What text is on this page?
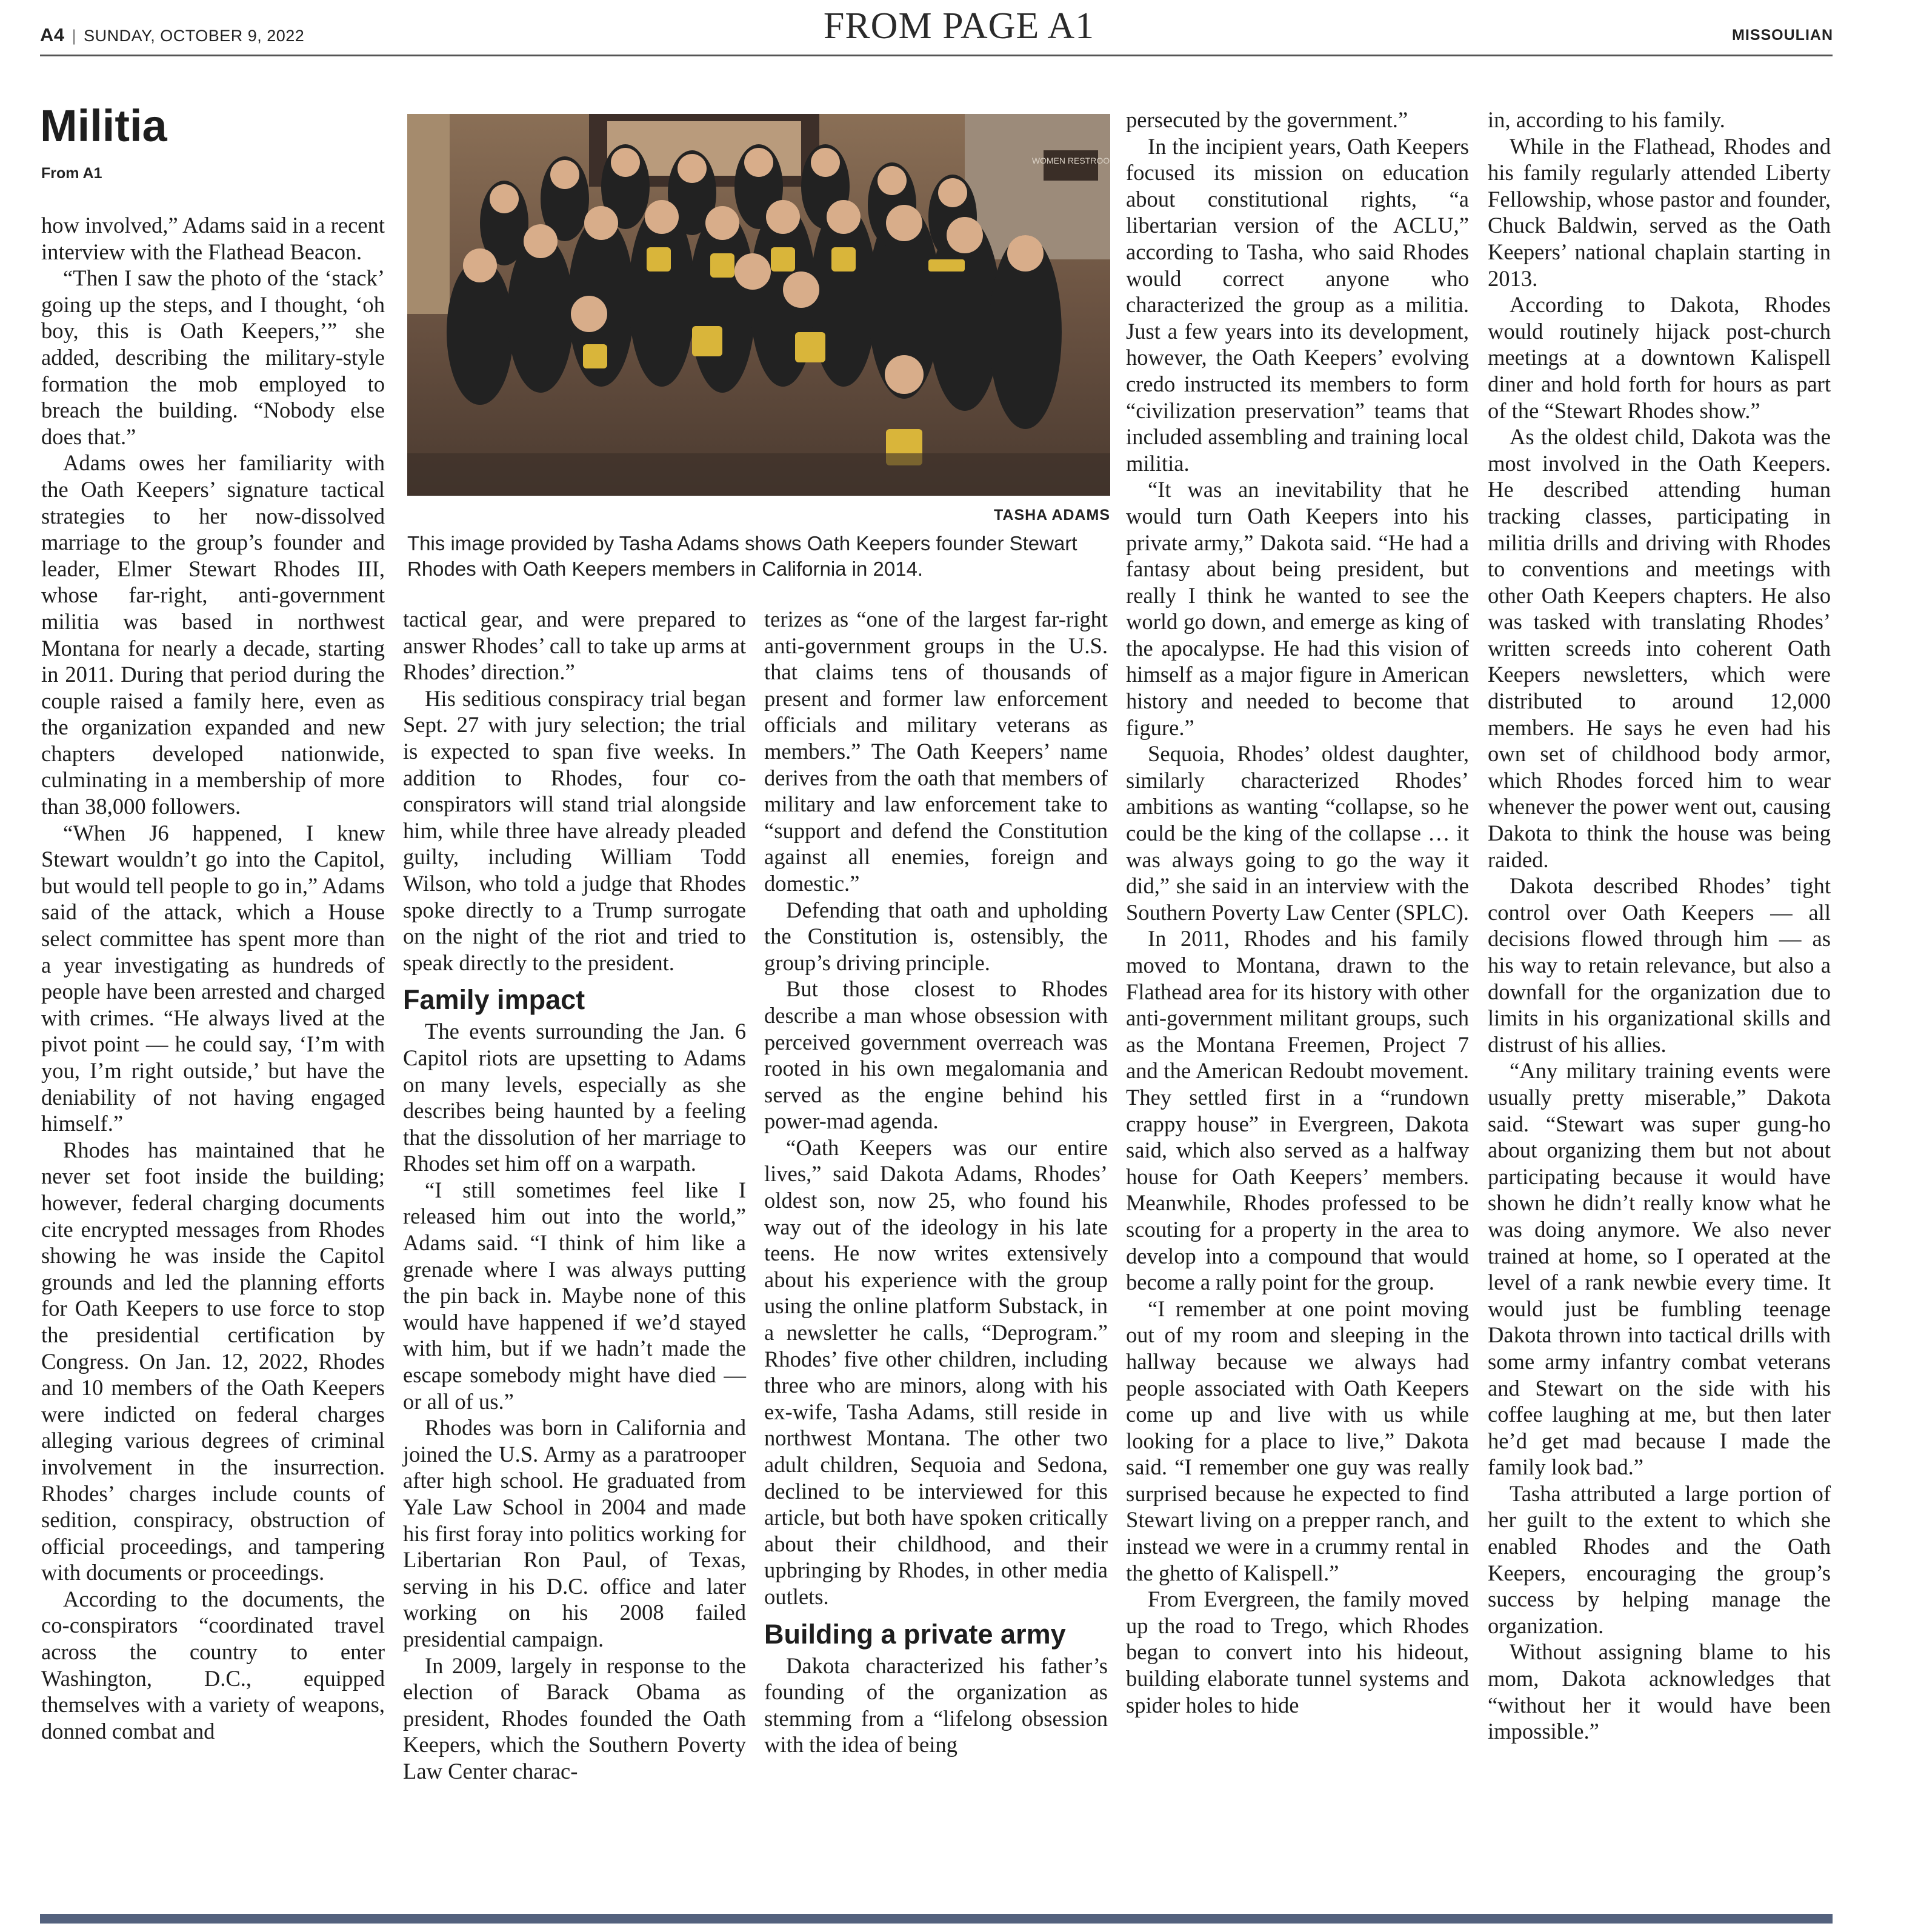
A4 | SUNDAY, OCTOBER 9, 2022	FROM PAGE A1	MISSOULIAN
Militia
From A1

how involved,” Adams said in a recent interview with the Flathead Beacon.

“Then I saw the photo of the ‘stack’ going up the steps, and I thought, ‘oh boy, this is Oath Keepers,’” she added, describing the military-style formation the mob employed to breach the building. “Nobody else does that.”

Adams owes her familiarity with the Oath Keepers’ signature tactical strategies to her now-dissolved marriage to the group’s founder and leader, Elmer Stewart Rhodes III, whose far-right, anti-government militia was based in northwest Montana for nearly a decade, starting in 2011. During that period during the couple raised a family here, even as the organization expanded and new chapters developed nationwide, culminating in a membership of more than 38,000 followers.

“When J6 happened, I knew Stewart wouldn’t go into the Capitol, but would tell people to go in,” Adams said of the attack, which a House select committee has spent more than a year investigating as hundreds of people have been arrested and charged with crimes. “He always lived at the pivot point — he could say, ‘I’m with you, I’m right outside,’ but have the deniability of not having engaged himself.”

Rhodes has maintained that he never set foot inside the building; however, federal charging documents cite encrypted messages from Rhodes showing he was inside the Capitol grounds and led the planning efforts for Oath Keepers to use force to stop the presidential certification by Congress. On Jan. 12, 2022, Rhodes and 10 members of the Oath Keepers were indicted on federal charges alleging various degrees of criminal involvement in the insurrection. Rhodes’ charges include counts of sedition, conspiracy, obstruction of official proceedings, and tampering with documents or proceedings.

According to the documents, the co-conspirators “coordinated travel across the country to enter Washington, D.C., equipped themselves with a variety of weapons, donned combat and

WOMEN RESTROO
TASHA ADAMS
This image provided by Tasha Adams shows Oath Keepers founder Stewart Rhodes with Oath Keepers members in California in 2014.

tactical gear, and were prepared to answer Rhodes’ call to take up arms at Rhodes’ direction.”

His seditious conspiracy trial began Sept. 27 with jury selection; the trial is expected to span five weeks. In addition to Rhodes, four co-conspirators will stand trial alongside him, while three have already pleaded guilty, including William Todd Wilson, who told a judge that Rhodes spoke directly to a Trump surrogate on the night of the riot and tried to speak directly to the president.

Family impact

The events surrounding the Jan. 6 Capitol riots are upsetting to Adams on many levels, especially as she describes being haunted by a feeling that the dissolution of her marriage to Rhodes set him off on a warpath.

“I still sometimes feel like I released him out into the world,” Adams said. “I think of him like a grenade where I was always putting the pin back in. Maybe none of this would have happened if we’d stayed with him, but if we hadn’t made the escape somebody might have died — or all of us.”

Rhodes was born in California and joined the U.S. Army as a paratrooper after high school. He graduated from Yale Law School in 2004 and made his first foray into politics working for Libertarian Ron Paul, of Texas, serving in his D.C. office and later working on his 2008 failed presidential campaign.

In 2009, largely in response to the election of Barack Obama as president, Rhodes founded the Oath Keepers, which the Southern Poverty Law Center charac-

terizes as “one of the largest far-right anti-government groups in the U.S. that claims tens of thousands of present and former law enforcement officials and military veterans as members.” The Oath Keepers’ name derives from the oath that members of military and law enforcement take to “support and defend the Constitution against all enemies, foreign and domestic.”

Defending that oath and upholding the Constitution is, ostensibly, the group’s driving principle.

But those closest to Rhodes describe a man whose obsession with perceived government overreach was rooted in his own megalomania and served as the engine behind his power-mad agenda.

“Oath Keepers was our entire lives,” said Dakota Adams, Rhodes’ oldest son, now 25, who found his way out of the ideology in his late teens. He now writes extensively about his experience with the group using the online platform Substack, in a newsletter he calls, “Deprogram.” Rhodes’ five other children, including three who are minors, along with his ex-wife, Tasha Adams, still reside in northwest Montana. The other two adult children, Sequoia and Sedona, declined to be interviewed for this article, but both have spoken critically about their childhood, and their upbringing by Rhodes, in other media outlets.

Building a private army

Dakota characterized his father’s founding of the organization as stemming from a “lifelong obsession with the idea of being

persecuted by the government.”

In the incipient years, Oath Keepers focused its mission on education about constitutional rights, “a libertarian version of the ACLU,” according to Tasha, who said Rhodes would correct anyone who characterized the group as a militia. Just a few years into its development, however, the Oath Keepers’ evolving credo instructed its members to form “civilization preservation” teams that included assembling and training local militia.

“It was an inevitability that he would turn Oath Keepers into his private army,” Dakota said. “He had a fantasy about being president, but really I think he wanted to see the world go down, and emerge as king of the apocalypse. He had this vision of himself as a major figure in American history and needed to become that figure.”

Sequoia, Rhodes’ oldest daughter, similarly characterized Rhodes’ ambitions as wanting “collapse, so he could be the king of the collapse … it was always going to go the way it did,” she said in an interview with the Southern Poverty Law Center (SPLC).

In 2011, Rhodes and his family moved to Montana, drawn to the Flathead area for its history with other anti-government militant groups, such as the Montana Freemen, Project 7 and the American Redoubt movement. They settled first in a “rundown crappy house” in Evergreen, Dakota said, which also served as a halfway house for Oath Keepers’ members. Meanwhile, Rhodes professed to be scouting for a property in the area to develop into a compound that would become a rally point for the group.

“I remember at one point moving out of my room and sleeping in the hallway because we always had people associated with Oath Keepers come up and live with us while looking for a place to live,” Dakota said. “I remember one guy was really surprised because he expected to find Stewart living on a prepper ranch, and instead we were in a crummy rental in the ghetto of Kalispell.”

From Evergreen, the family moved up the road to Trego, which Rhodes began to convert into his hideout, building elaborate tunnel systems and spider holes to hide

in, according to his family.

While in the Flathead, Rhodes and his family regularly attended Liberty Fellowship, whose pastor and founder, Chuck Baldwin, served as the Oath Keepers’ national chaplain starting in 2013.

According to Dakota, Rhodes would routinely hijack post-church meetings at a downtown Kalispell diner and hold forth for hours as part of the “Stewart Rhodes show.”

As the oldest child, Dakota was the most involved in the Oath Keepers. He described attending human tracking classes, participating in militia drills and driving with Rhodes to conventions and meetings with other Oath Keepers chapters. He also was tasked with translating Rhodes’ written screeds into coherent Oath Keepers newsletters, which were distributed to around 12,000 members. He says he even had his own set of childhood body armor, which Rhodes forced him to wear whenever the power went out, causing Dakota to think the house was being raided.

Dakota described Rhodes’ tight control over Oath Keepers — all decisions flowed through him — as his way to retain relevance, but also a downfall for the organization due to limits in his organizational skills and distrust of his allies.

“Any military training events were usually pretty miserable,” Dakota said. “Stewart was super gung-ho about organizing them but not about participating because it would have shown he didn’t really know what he was doing anymore. We also never trained at home, so I operated at the level of a rank newbie every time. It would just be fumbling teenage Dakota thrown into tactical drills with some army infantry combat veterans and Stewart on the side with his coffee laughing at me, but then later he’d get mad because I made the family look bad.”

Tasha attributed a large portion of her guilt to the extent to which she enabled Rhodes and the Oath Keepers, encouraging the group’s success by helping manage the organization.

Without assigning blame to his mom, Dakota acknowledges that “without her it would have been impossible.”
